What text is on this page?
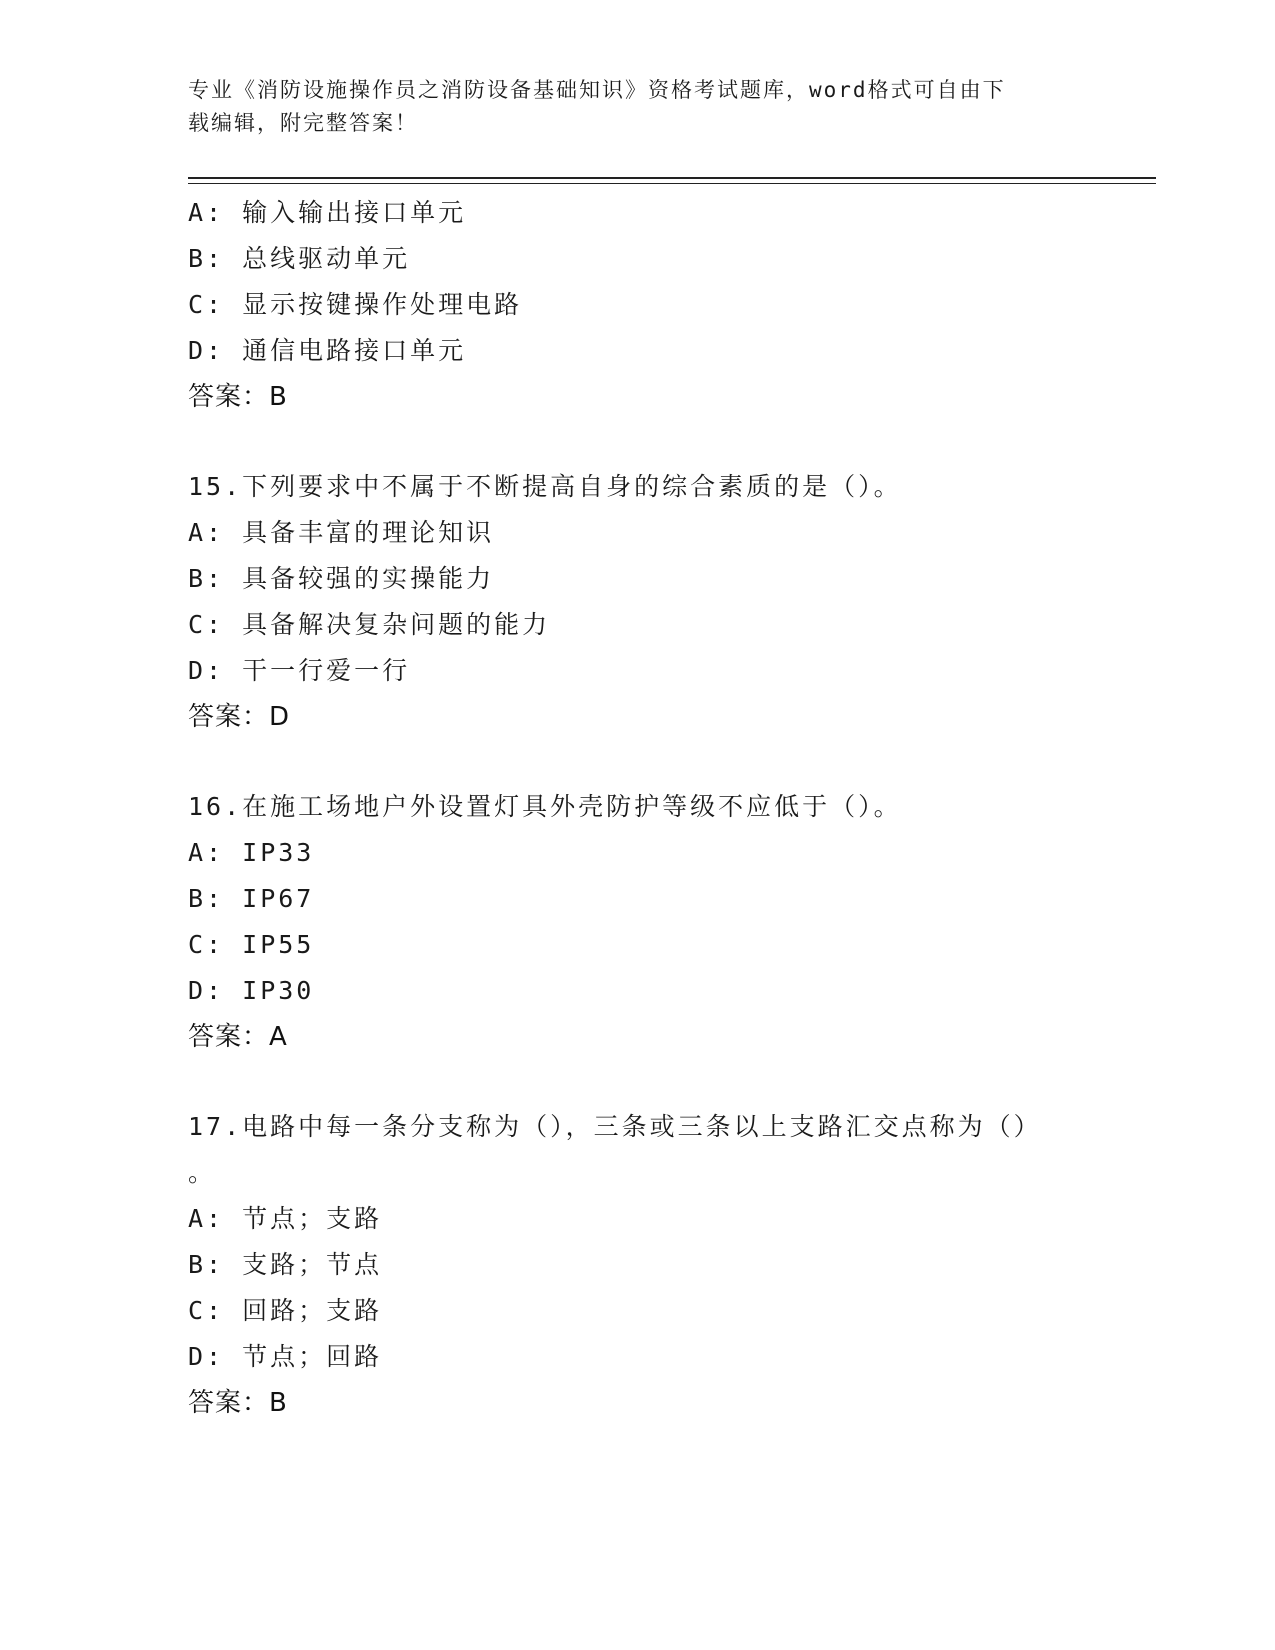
专业《消防设施操作员之消防设备基础知识》资格考试题库，word格式可自由下
载编辑，附完整答案！
A: 输入输出接口单元
B: 总线驱动单元
C: 显示按键操作处理电路
D: 通信电路接口单元
答案：B
15.下列要求中不属于不断提高自身的综合素质的是（）。
A: 具备丰富的理论知识
B: 具备较强的实操能力
C: 具备解决复杂问题的能力
D: 干一行爱一行
答案：D
16.在施工场地户外设置灯具外壳防护等级不应低于（）。
A: IP33
B: IP67
C: IP55
D: IP30
答案：A
17.电路中每一条分支称为（），三条或三条以上支路汇交点称为（）
。
A: 节点；支路
B: 支路；节点
C: 回路；支路
D: 节点；回路
答案：B
